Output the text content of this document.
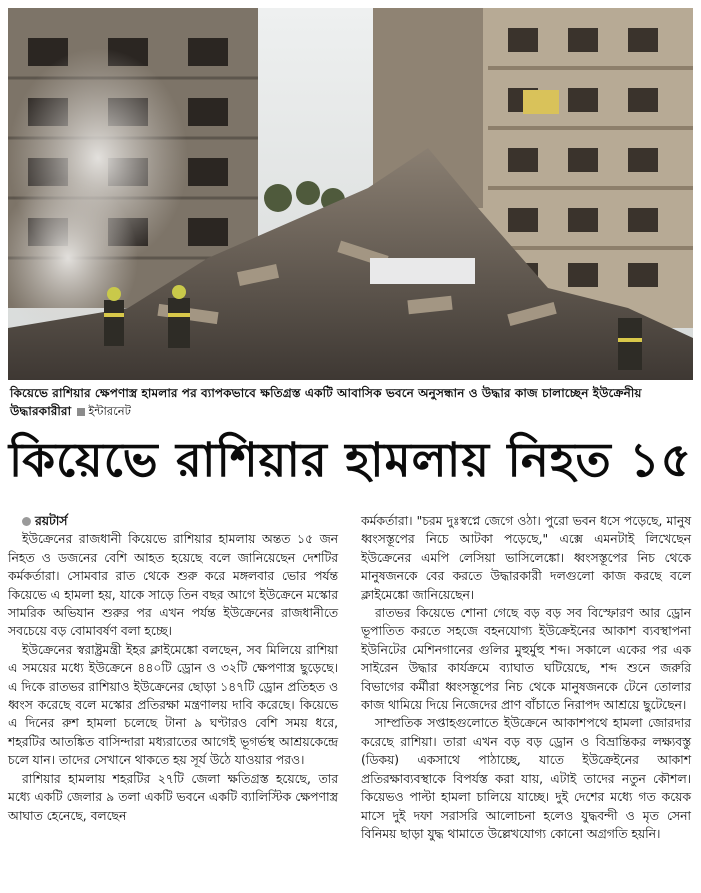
কিয়েভে রাশিয়ার ক্ষেপণাস্ত্র হামলার পর ব্যাপকভাবে ক্ষতিগ্রস্ত একটি আবাসিক ভবনে অনুসন্ধান ও উদ্ধার কাজ চালাচ্ছেন ইউক্রেনীয় উদ্ধারকারীরা ইন্টারনেট
কিয়েভে রাশিয়ার হামলায় নিহত ১৫

রয়টার্স

ইউক্রেনের রাজধানী কিয়েভে রাশিয়ার হামলায় অন্তত ১৫ জন নিহত ও ডজনের বেশি আহত হয়েছে বলে জানিয়েছেন দেশটির কর্মকর্তারা। সোমবার রাত থেকে শুরু করে মঙ্গলবার ভোর পর্যন্ত কিয়েভে এ হামলা হয়, যাকে সাড়ে তিন বছর আগে ইউক্রেনে মস্কোর সামরিক অভিযান শুরুর পর এখন পর্যন্ত ইউক্রেনের রাজধানীতে সবচেয়ে বড় বোমাবর্ষণ বলা হচ্ছে।

ইউক্রেনের স্বরাষ্ট্রমন্ত্রী ইহর ক্লাইমেঙ্কো বলছেন, সব মিলিয়ে রাশিয়া এ সময়ের মধ্যে ইউক্রেনে ৪৪০টি ড্রোন ও ৩২টি ক্ষেপণাস্ত্র ছুড়েছে। এ দিকে রাতভর রাশিয়াও ইউক্রেনের ছোড়া ১৪৭টি ড্রোন প্রতিহত ও ধ্বংস করেছে বলে মস্কোর প্রতিরক্ষা মন্ত্রণালয় দাবি করেছে। কিয়েভে এ দিনের রুশ হামলা চলেছে টানা ৯ ঘণ্টারও বেশি সময় ধরে, শহরটির আতঙ্কিত বাসিন্দারা মধ্যরাতের আগেই ভূগর্ভস্থ আশ্রয়কেন্দ্রে চলে যান। তাদের সেখানে থাকতে হয় সূর্য উঠে যাওয়ার পরও।

রাশিয়ার হামলায় শহরটির ২৭টি জেলা ক্ষতিগ্রস্ত হয়েছে, তার মধ্যে একটি জেলার ৯ তলা একটি ভবনে একটি ব্যালিস্টিক ক্ষেপণাস্ত্র আঘাত হেনেছে, বলছেন

কর্মকর্তারা। "চরম দুঃস্বপ্নে জেগে ওঠা। পুরো ভবন ধসে পড়েছে, মানুষ ধ্বংসস্তূপের নিচে আটকা পড়েছে," এক্সে এমনটাই লিখেছেন ইউক্রেনের এমপি লেসিয়া ভাসিলেঙ্কো। ধ্বংসস্তূপের নিচ থেকে মানুষজনকে বের করতে উদ্ধারকারী দলগুলো কাজ করছে বলে ক্লাইমেঙ্কো জানিয়েছেন।

রাতভর কিয়েভে শোনা গেছে বড় বড় সব বিস্ফোরণ আর ড্রোন ভূপাতিত করতে সহজে বহনযোগ্য ইউক্রেইনের আকাশ ব্যবস্থাপনা ইউনিটের মেশিনগানের গুলির মুহুর্মুহু শব্দ। সকালে একের পর এক সাইরেন উদ্ধার কার্যক্রমে ব্যাঘাত ঘটিয়েছে, শব্দ শুনে জরুরি বিভাগের কর্মীরা ধ্বংসস্তূপের নিচ থেকে মানুষজনকে টেনে তোলার কাজ থামিয়ে দিয়ে নিজেদের প্রাণ বাঁচাতে নিরাপদ আশ্রয়ে ছুটেছেন।

সাম্প্রতিক সপ্তাহগুলোতে ইউক্রেনে আকাশপথে হামলা জোরদার করেছে রাশিয়া। তারা এখন বড় বড় ড্রোন ও বিভ্রান্তিকর লক্ষ্যবস্তু (ডিকয়) একসাথে পাঠাচ্ছে, যাতে ইউক্রেইনের আকাশ প্রতিরক্ষাব্যবস্থাকে বিপর্যস্ত করা যায়, এটাই তাদের নতুন কৌশল। কিয়েভও পাল্টা হামলা চালিয়ে যাচ্ছে। দুই দেশের মধ্যে গত কয়েক মাসে দুই দফা সরাসরি আলোচনা হলেও যুদ্ধবন্দী ও মৃত সেনা বিনিময় ছাড়া যুদ্ধ থামাতে উল্লেখযোগ্য কোনো অগ্রগতি হয়নি।
